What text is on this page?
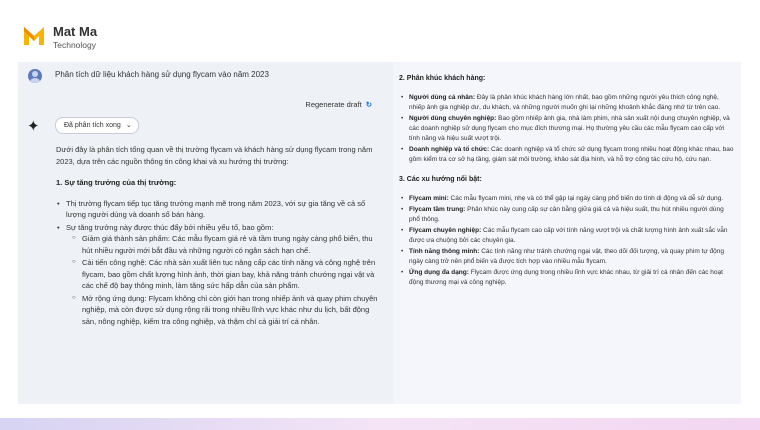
Mat Ma
Technology
Phân tích dữ liệu khách hàng sử dụng flycam vào năm 2023
Regenerate draft ↻
✦	Đã phân tích xong ⌄

Dưới đây là phân tích tổng quan về thị trường flycam và khách hàng sử dụng flycam trong năm 2023, dựa trên các nguồn thông tin công khai và xu hướng thị trường:

1. Sự tăng trưởng của thị trường:
• Thị trường flycam tiếp tục tăng trưởng mạnh mẽ trong năm 2023, với sự gia tăng về cả số lượng người dùng và doanh số bán hàng.
• Sự tăng trưởng này được thúc đẩy bởi nhiều yếu tố, bao gồm:
○ Giảm giá thành sản phẩm: Các mẫu flycam giá rẻ và tầm trung ngày càng phổ biến, thu hút nhiều người mới bắt đầu và những người có ngân sách hạn chế.
○ Cải tiến công nghệ: Các nhà sản xuất liên tục nâng cấp các tính năng và công nghệ trên flycam, bao gồm chất lượng hình ảnh, thời gian bay, khả năng tránh chướng ngại vật và các chế độ bay thông minh, làm tăng sức hấp dẫn của sản phẩm.
○ Mở rộng ứng dụng: Flycam không chỉ còn giới hạn trong nhiếp ảnh và quay phim chuyên nghiệp, mà còn được sử dụng rộng rãi trong nhiều lĩnh vực khác như du lịch, bất động sản, nông nghiệp, kiểm tra công nghiệp, và thậm chí cả giải trí cá nhân.
2. Phân khúc khách hàng:
• Người dùng cá nhân: Đây là phân khúc khách hàng lớn nhất, bao gồm những người yêu thích công nghệ, nhiếp ảnh gia nghiệp dư, du khách, và những người muốn ghi lại những khoảnh khắc đáng nhớ từ trên cao.
• Người dùng chuyên nghiệp: Bao gồm nhiếp ảnh gia, nhà làm phim, nhà sản xuất nội dung chuyên nghiệp, và các doanh nghiệp sử dụng flycam cho mục đích thương mại. Họ thường yêu cầu các mẫu flycam cao cấp với tính năng và hiệu suất vượt trội.
• Doanh nghiệp và tổ chức: Các doanh nghiệp và tổ chức sử dụng flycam trong nhiều hoạt động khác nhau, bao gồm kiểm tra cơ sở hạ tầng, giám sát môi trường, khảo sát địa hình, và hỗ trợ công tác cứu hộ, cứu nạn.
3. Các xu hướng nổi bật:
• Flycam mini: Các mẫu flycam mini, nhẹ và có thể gập lại ngày càng phổ biến do tính di động và dễ sử dụng.
• Flycam tầm trung: Phân khúc này cung cấp sự cân bằng giữa giá cả và hiệu suất, thu hút nhiều người dùng phổ thông.
• Flycam chuyên nghiệp: Các mẫu flycam cao cấp với tính năng vượt trội và chất lượng hình ảnh xuất sắc vẫn được ưa chuộng bởi các chuyên gia.
• Tính năng thông minh: Các tính năng như tránh chướng ngại vật, theo dõi đối tượng, và quay phim tự động ngày càng trở nên phổ biến và được tích hợp vào nhiều mẫu flycam.
• Ứng dụng đa dạng: Flycam được ứng dụng trong nhiều lĩnh vực khác nhau, từ giải trí cá nhân đến các hoạt động thương mại và công nghiệp.
